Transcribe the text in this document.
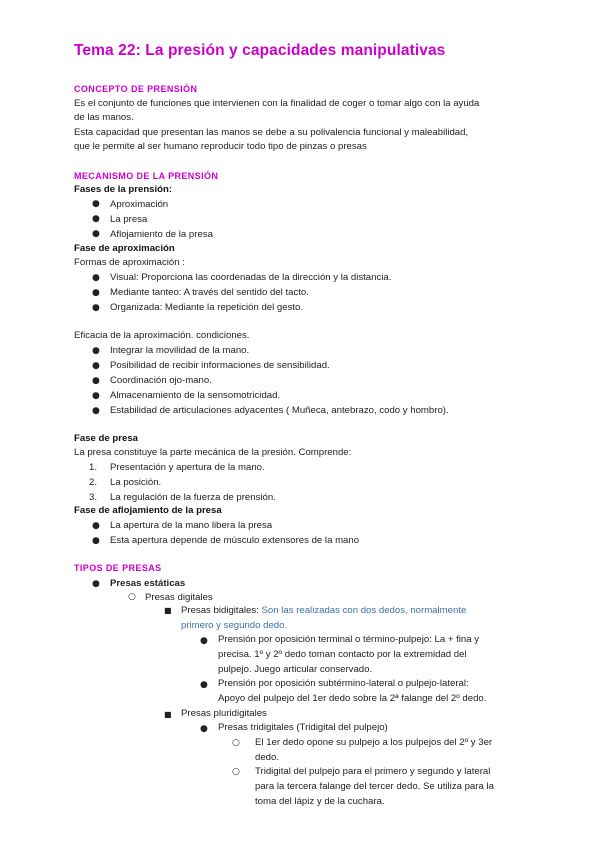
Tema 22: La presión y capacidades manipulativas
CONCEPTO DE PRENSIÓN
Es el conjunto de funciones que intervienen con la finalidad de coger o tomar algo con la ayuda
de las manos.
Esta capacidad que presentan las manos se debe a su polivalencia funcional y maleabilidad,
que le permite al ser humano reproducir todo tipo de pinzas o presas
MECANISMO DE LA PRENSIÓN
Fases de la prensión:
● Aproximación
● La presa
● Aflojamiento de la presa
Fase de aproximación
Formas de aproximación :
● Visual: Proporciona las coordenadas de la dirección y la distancia.
● Mediante tanteo: A través del sentido del tacto.
● Organizada: Mediante la repetición del gesto.
Eficacia de la aproximación. condiciones.
● Integrar la movilidad de la mano.
● Posibilidad de recibir informaciones de sensibilidad.
● Coordinación ojo-mano.
● Almacenamiento de la sensomotricidad.
● Estabilidad de articulaciones adyacentes ( Muñeca, antebrazo, codo y hombro).
Fase de presa
La presa constituye la parte mecánica de la presión. Comprende:
1. Presentación y apertura de la mano.
2. La posición.
3. La regulación de la fuerza de prensión.
Fase de aflojamiento de la presa
● La apertura de la mano libera la presa
● Esta apertura depende de músculo extensores de la mano
TIPOS DE PRESAS
● Presas estáticas
○ Presas digitales
■ Presas bidigitales: Son las realizadas con dos dedos, normalmente
primero y segundo dedo.
● Prensión por oposición terminal o término-pulpejo: La + fina y
precisa. 1º y 2º dedo toman contacto por la extremidad del
pulpejo. Juego articular conservado.
● Prensión por oposición subtérmino-lateral o pulpejo-lateral:
Apoyo del pulpejo del 1er dedo sobre la 2ª falange del 2º dedo.
■ Presas pluridigitales
● Presas tridigitales (Tridigital del pulpejo)
○ El 1er dedo opone su pulpejo a los pulpejos del 2º y 3er
dedo.
○ Tridigital del pulpejo para el primero y segundo y lateral
para la tercera falange del tercer dedo. Se utiliza para la
toma del lápiz y de la cuchara.
